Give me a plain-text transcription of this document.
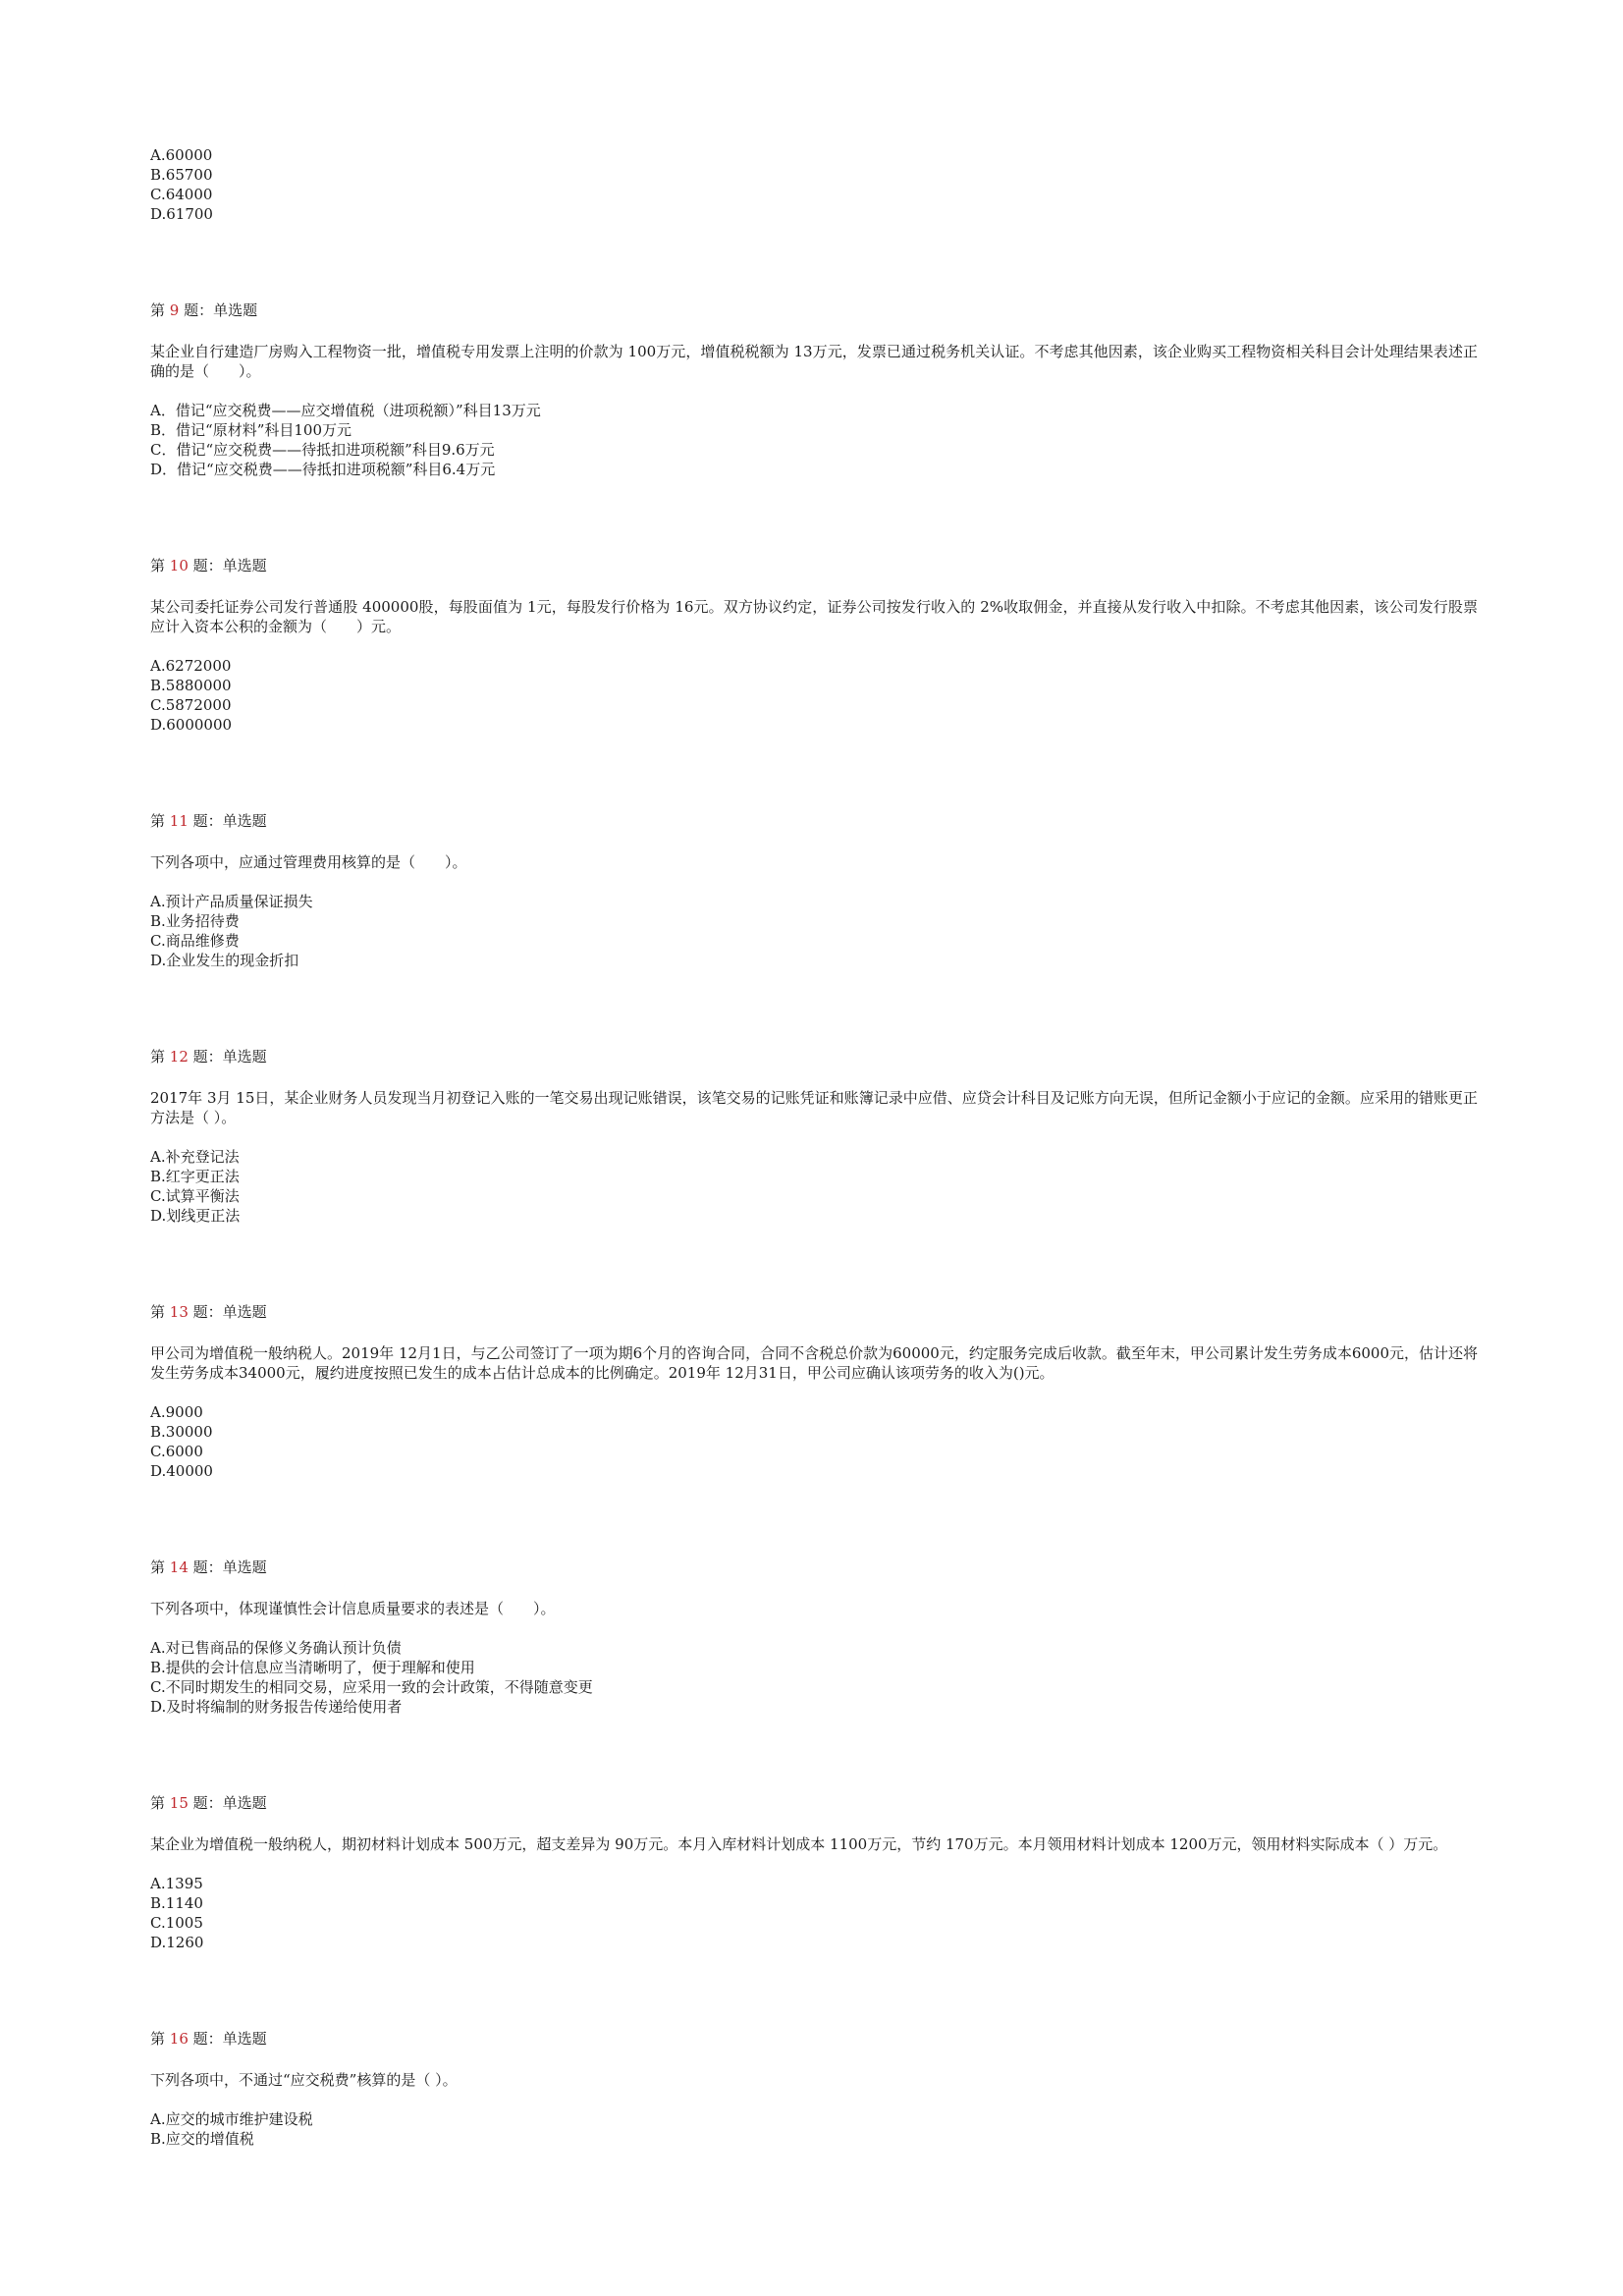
A.60000
B.65700
C.64000
D.61700
第 9 题：单选题
某企业自行建造厂房购入工程物资一批，增值税专用发票上注明的价款为 100万元，增值税税额为 13万元，发票已通过税务机关认证。不考虑其他因素，该企业购买工程物资相关科目会计处理结果表述正确的是（　　）。
A．借记“应交税费——应交增值税（进项税额）”科目13万元
B．借记“原材料”科目100万元
C．借记“应交税费——待抵扣进项税额”科目9.6万元
D．借记“应交税费——待抵扣进项税额”科目6.4万元
第 10 题：单选题
某公司委托证券公司发行普通股 400000股，每股面值为 1元，每股发行价格为 16元。双方协议约定，证券公司按发行收入的 2%收取佣金，并直接从发行收入中扣除。不考虑其他因素，该公司发行股票应计入资本公积的金额为（　　）元。
A.6272000
B.5880000
C.5872000
D.6000000
第 11 题：单选题
下列各项中，应通过管理费用核算的是（　　）。
A.预计产品质量保证损失
B.业务招待费
C.商品维修费
D.企业发生的现金折扣
第 12 题：单选题
2017年 3月 15日，某企业财务人员发现当月初登记入账的一笔交易出现记账错误，该笔交易的记账凭证和账簿记录中应借、应贷会计科目及记账方向无误，但所记金额小于应记的金额。应采用的错账更正方法是（ ）。
A.补充登记法
B.红字更正法
C.试算平衡法
D.划线更正法
第 13 题：单选题
甲公司为增值税一般纳税人。2019年 12月1日，与乙公司签订了一项为期6个月的咨询合同，合同不含税总价款为60000元，约定服务完成后收款。截至年末，甲公司累计发生劳务成本6000元，估计还将发生劳务成本34000元，履约进度按照已发生的成本占估计总成本的比例确定。2019年 12月31日，甲公司应确认该项劳务的收入为()元。
A.9000
B.30000
C.6000
D.40000
第 14 题：单选题
下列各项中，体现谨慎性会计信息质量要求的表述是（　　）。
A.对已售商品的保修义务确认预计负债
B.提供的会计信息应当清晰明了，便于理解和使用
C.不同时期发生的相同交易，应采用一致的会计政策，不得随意变更
D.及时将编制的财务报告传递给使用者
第 15 题：单选题
某企业为增值税一般纳税人，期初材料计划成本 500万元，超支差异为 90万元。本月入库材料计划成本 1100万元，节约 170万元。本月领用材料计划成本 1200万元，领用材料实际成本（ ）万元。
A.1395
B.1140
C.1005
D.1260
第 16 题：单选题
下列各项中，不通过“应交税费”核算的是（ ）。
A.应交的城市维护建设税
B.应交的增值税
